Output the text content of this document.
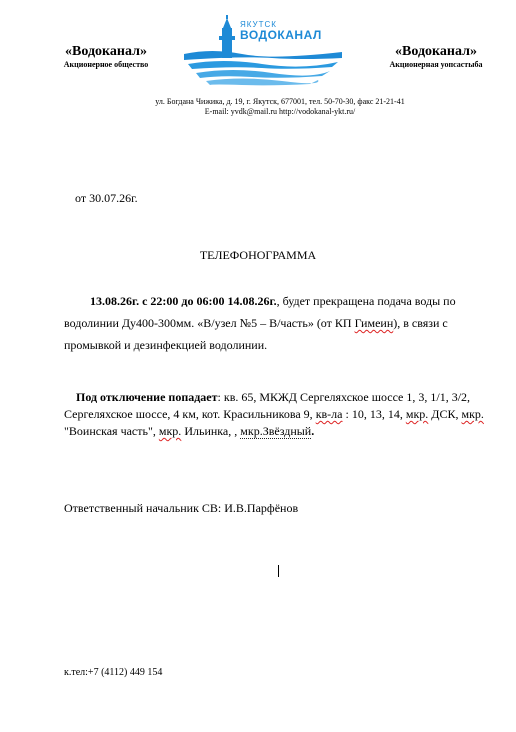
«Водоканал»
Акционерное общество
ЯКУТСК
ВОДОКАНАЛ
«Водоканал»
Акционерная уопсастыба
ул. Богдана Чижика, д. 19, г. Якутск, 677001, тел. 50-70-30, факс 21-21-41
E-mail: yvdk@mail.ru http://vodokanal-ykt.ru/
от 30.07.26г.
ТЕЛЕФОНОГРАММА
13.08.26г. с 22:00 до 06:00 14.08.26г., будет прекращена подача воды по водолинии Ду400-300мм. «В/узел №5 – В/часть» (от КП Гимеин), в связи с промывкой и дезинфекцией водолинии.
Под отключение попадает: кв. 65, МКЖД Сергеляхское шоссе 1, 3, 1/1, 3/2, Сергеляхское шоссе, 4 км, кот. Красильникова 9, кв-ла : 10, 13, 14, мкр. ДСК, мкр. "Воинская часть", мкр. Ильинка, , мкр.Звёздный.
Ответственный начальник СВ: И.В.Парфёнов
к.тел:+7 (4112) 449 154
